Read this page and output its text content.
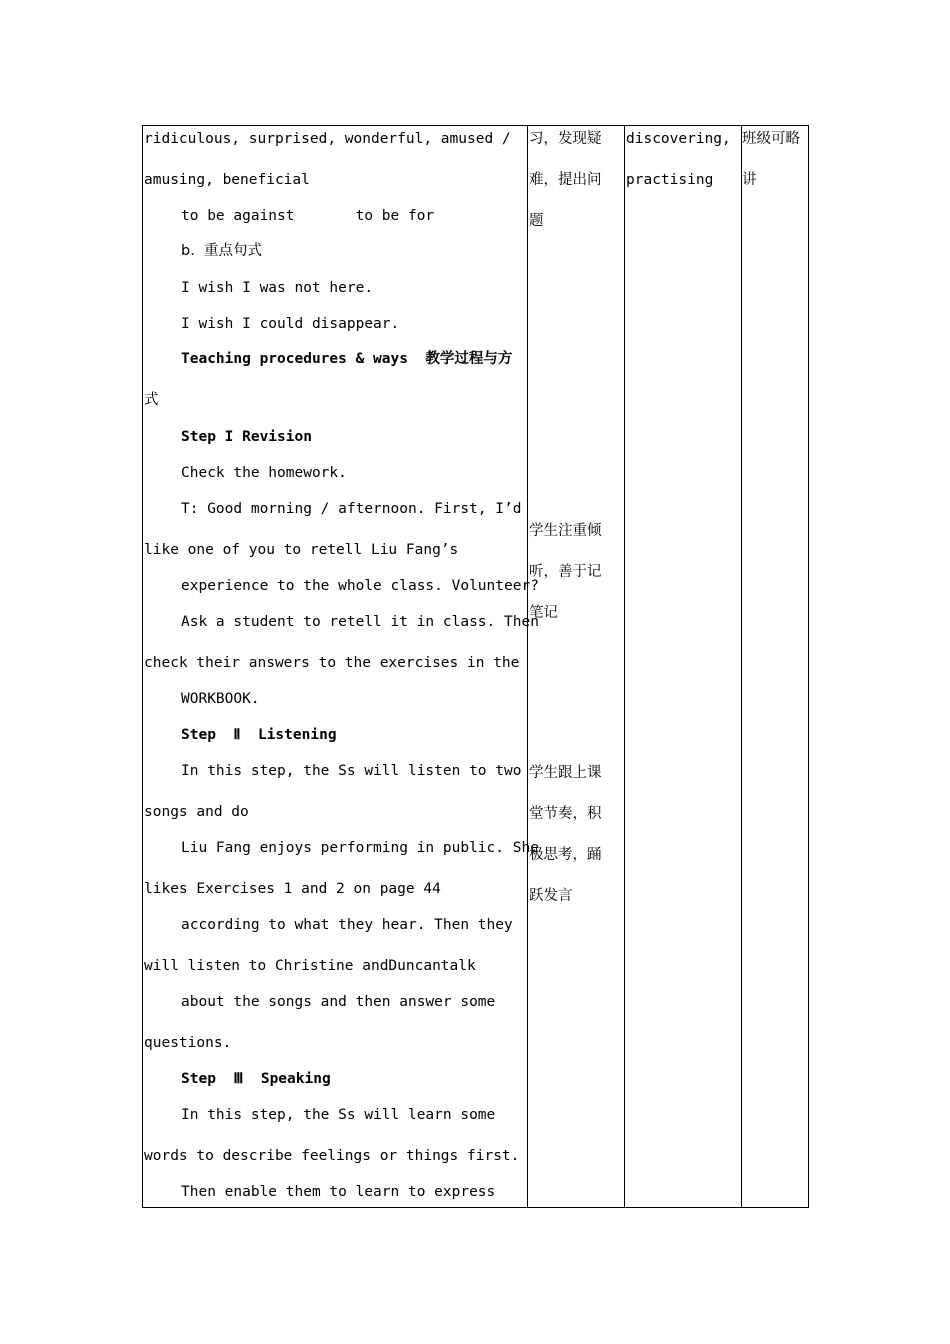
ridiculous, surprised, wonderful, amused /
amusing, beneficial
to be against       to be for
b.  重点句式
I wish I was not here.
I wish I could disappear.
Teaching procedures & ways  教学过程与方
式
Step I Revision
Check the homework.
T: Good morning / afternoon. First, I’d
like one of you to retell Liu Fang’s
experience to the whole class. Volunteer?
Ask a student to retell it in class. Then
check their answers to the exercises in the
WORKBOOK.
Step  Ⅱ  Listening
In this step, the Ss will listen to two
songs and do
Liu Fang enjoys performing in public. She
likes Exercises 1 and 2 on page 44
according to what they hear. Then they
will listen to Christine andDuncantalk
about the songs and then answer some
questions.
Step  Ⅲ  Speaking
In this step, the Ss will learn some
words to describe feelings or things first.
Then enable them to learn to express
习，发现疑
难，提出问
题
学生注重倾
听，善于记
笔记
学生跟上课
堂节奏，积
极思考，踊
跃发言
discovering,
practising
班级可略
讲
